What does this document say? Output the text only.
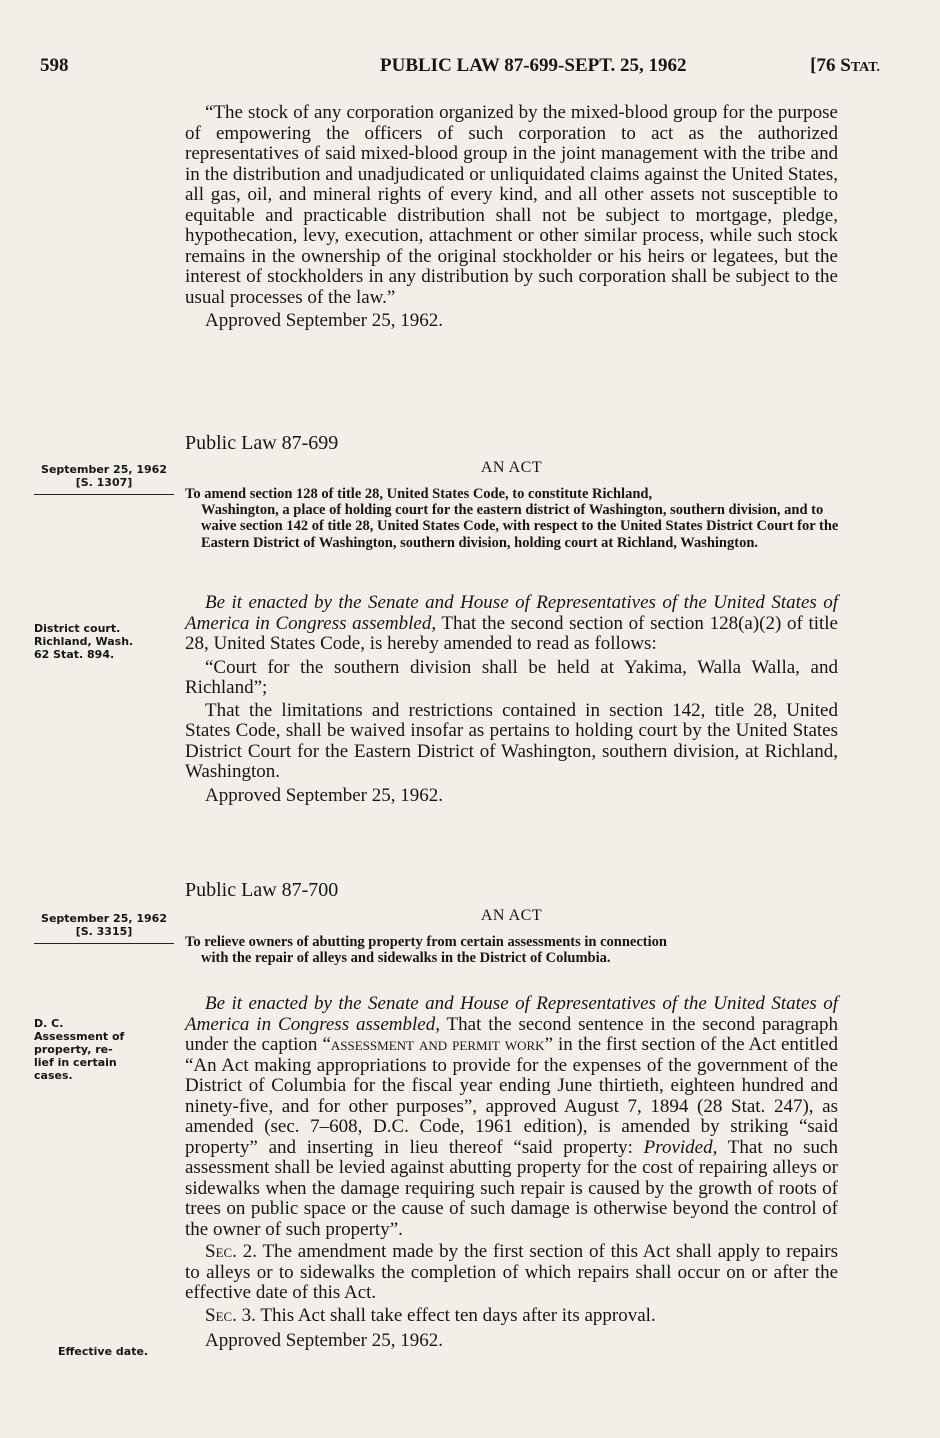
598	PUBLIC LAW 87-699-SEPT. 25, 1962	[76 STAT.

“The stock of any corporation organized by the mixed-blood group for the purpose of empowering the officers of such corporation to act as the authorized representatives of said mixed-blood group in the joint management with the tribe and in the distribution and unadjudicated or unliquidated claims against the United States, all gas, oil, and mineral rights of every kind, and all other assets not susceptible to equitable and practicable distribution shall not be subject to mortgage, pledge, hypothecation, levy, execution, attachment or other similar process, while such stock remains in the ownership of the original stockholder or his heirs or legatees, but the interest of stockholders in any distribution by such corporation shall be subject to the usual processes of the law.”

Approved September 25, 1962.

Public Law 87-699
September 25, 1962
[S. 1307]
AN ACT
To amend section 128 of title 28, United States Code, to constitute Richland,
Washington, a place of holding court for the eastern district of Washington, southern division, and to waive section 142 of title 28, United States Code, with respect to the United States District Court for the Eastern District of Washington, southern division, holding court at Richland, Washington.
District court.
Richland, Wash.
62 Stat. 894.

Be it enacted by the Senate and House of Representatives of the United States of America in Congress assembled, That the second section of section 128(a)(2) of title 28, United States Code, is hereby amended to read as follows:

“Court for the southern division shall be held at Yakima, Walla Walla, and Richland”;

That the limitations and restrictions contained in section 142, title 28, United States Code, shall be waived insofar as pertains to holding court by the United States District Court for the Eastern District of Washington, southern division, at Richland, Washington.

Approved September 25, 1962.

Public Law 87-700
September 25, 1962
[S. 3315]
AN ACT
To relieve owners of abutting property from certain assessments in connection
with the repair of alleys and sidewalks in the District of Columbia.
D. C.
Assessment of
property, re-
lief in certain
cases.

Be it enacted by the Senate and House of Representatives of the United States of America in Congress assembled, That the second sentence in the second paragraph under the caption “assessment and permit work” in the first section of the Act entitled “An Act making appropriations to provide for the expenses of the government of the District of Columbia for the fiscal year ending June thirtieth, eighteen hundred and ninety-five, and for other purposes”, approved August 7, 1894 (28 Stat. 247), as amended (sec. 7–608, D.C. Code, 1961 edition), is amended by striking “said property” and inserting in lieu thereof “said property: Provided, That no such assessment shall be levied against abutting property for the cost of repairing alleys or sidewalks when the damage requiring such repair is caused by the growth of roots of trees on public space or the cause of such damage is otherwise beyond the control of the owner of such property”.

Sec. 2. The amendment made by the first section of this Act shall apply to repairs to alleys or to sidewalks the completion of which repairs shall occur on or after the effective date of this Act.

Sec. 3. This Act shall take effect ten days after its approval.

Approved September 25, 1962.

Effective date.
